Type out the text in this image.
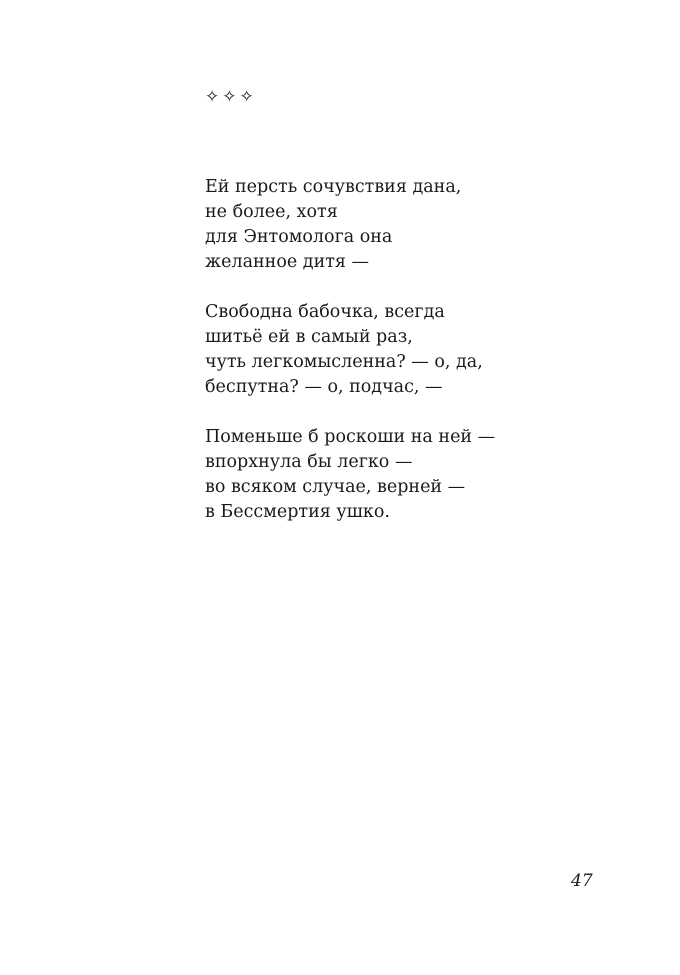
✧✧✧
Ей персть сочувствия дана,
не более, хотя
для Энтомолога она
желанное дитя —
Свободна бабочка, всегда
шитьё ей в самый раз,
чуть легкомысленна? — о, да,
беспутна? — о, подчас, —
Поменьше б роскоши на ней —
впорхнула бы легко —
во всяком случае, верней —
в Бессмертия ушко.
47
